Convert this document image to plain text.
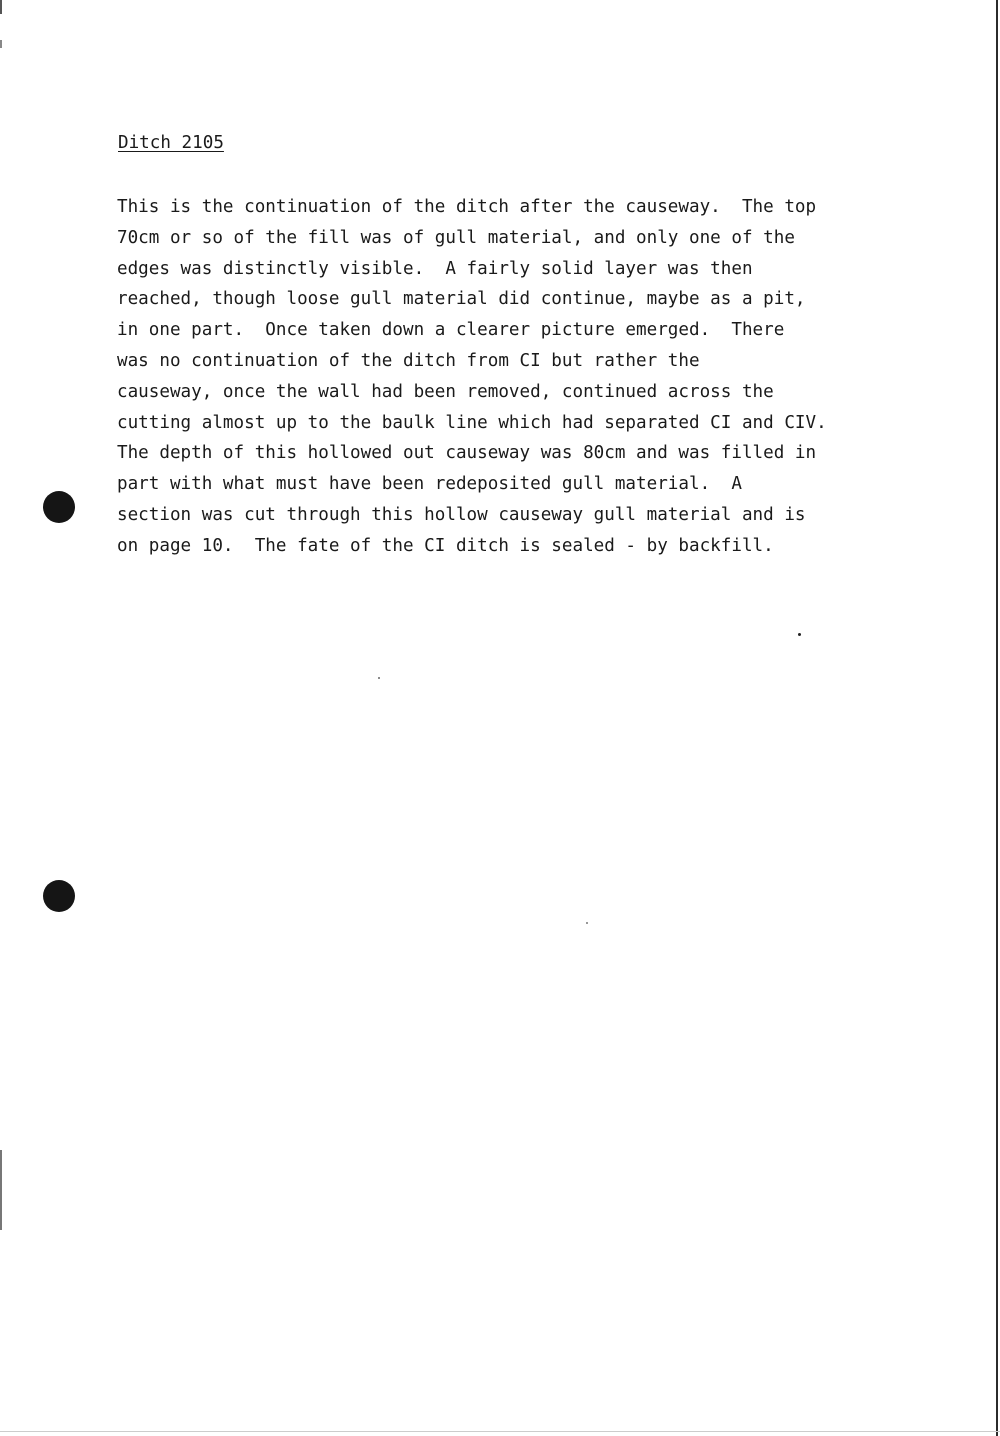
Ditch 2105
This is the continuation of the ditch after the causeway.  The top
70cm or so of the fill was of gull material, and only one of the
edges was distinctly visible.  A fairly solid layer was then
reached, though loose gull material did continue, maybe as a pit,
in one part.  Once taken down a clearer picture emerged.  There
was no continuation of the ditch from CI but rather the
causeway, once the wall had been removed, continued across the
cutting almost up to the baulk line which had separated CI and CIV.
The depth of this hollowed out causeway was 80cm and was filled in
part with what must have been redeposited gull material.  A
section was cut through this hollow causeway gull material and is
on page 10.  The fate of the CI ditch is sealed - by backfill.
